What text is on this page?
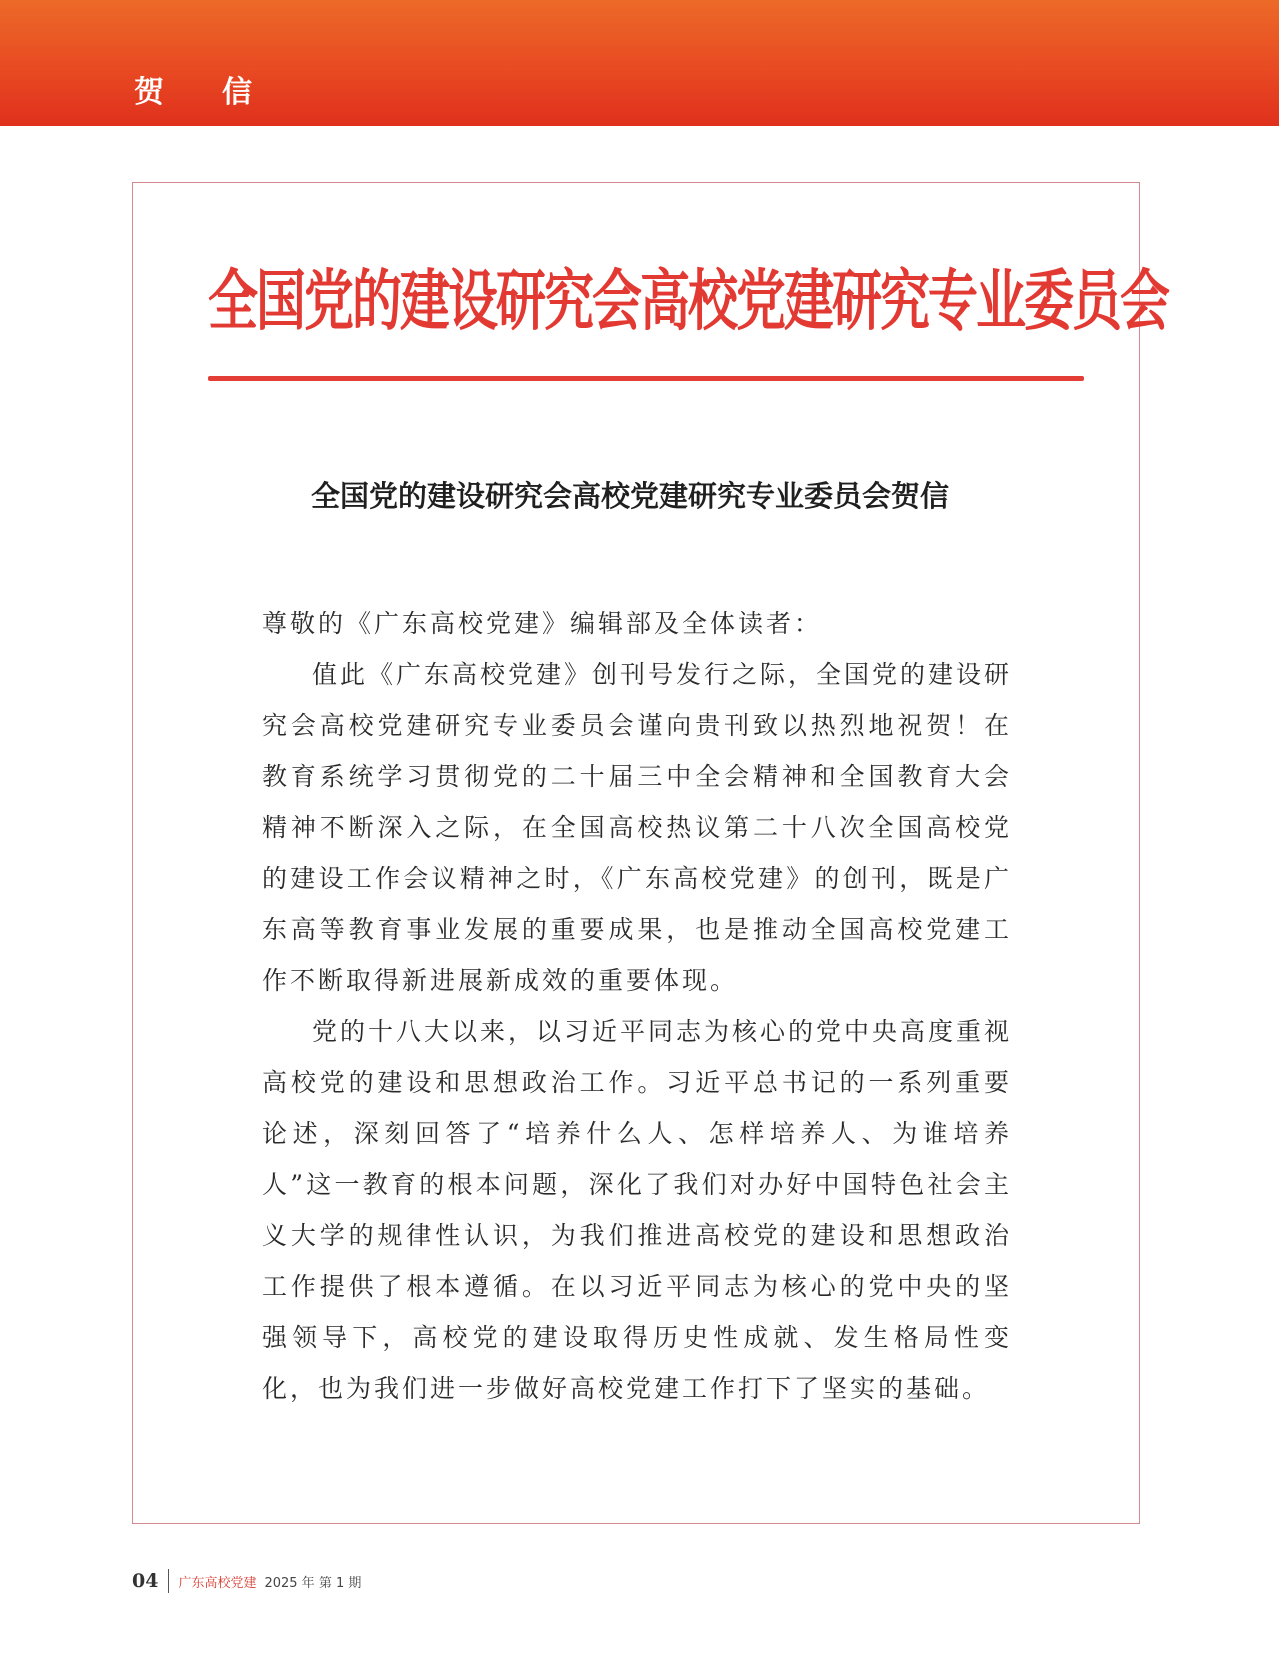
贺信
全国党的建设研究会高校党建研究专业委员会
全国党的建设研究会高校党建研究专业委员会贺信

尊敬的《广东高校党建》编辑部及全体读者：

值此《广东高校党建》创刊号发行之际，全国党的建设研究会高校党建研究专业委员会谨向贵刊致以热烈地祝贺！在教育系统学习贯彻党的二十届三中全会精神和全国教育大会精神不断深入之际，在全国高校热议第二十八次全国高校党的建设工作会议精神之时，《广东高校党建》的创刊，既是广东高等教育事业发展的重要成果，也是推动全国高校党建工作不断取得新进展新成效的重要体现。

党的十八大以来，以习近平同志为核心的党中央高度重视高校党的建设和思想政治工作。习近平总书记的一系列重要论述，深刻回答了“培养什么人、怎样培养人、为谁培养人”这一教育的根本问题，深化了我们对办好中国特色社会主义大学的规律性认识，为我们推进高校党的建设和思想政治工作提供了根本遵循。在以习近平同志为核心的党中央的坚强领导下，高校党的建设取得历史性成就、发生格局性变化，也为我们进一步做好高校党建工作打下了坚实的基础。

04 广东高校党建 2025 年 第 1 期
